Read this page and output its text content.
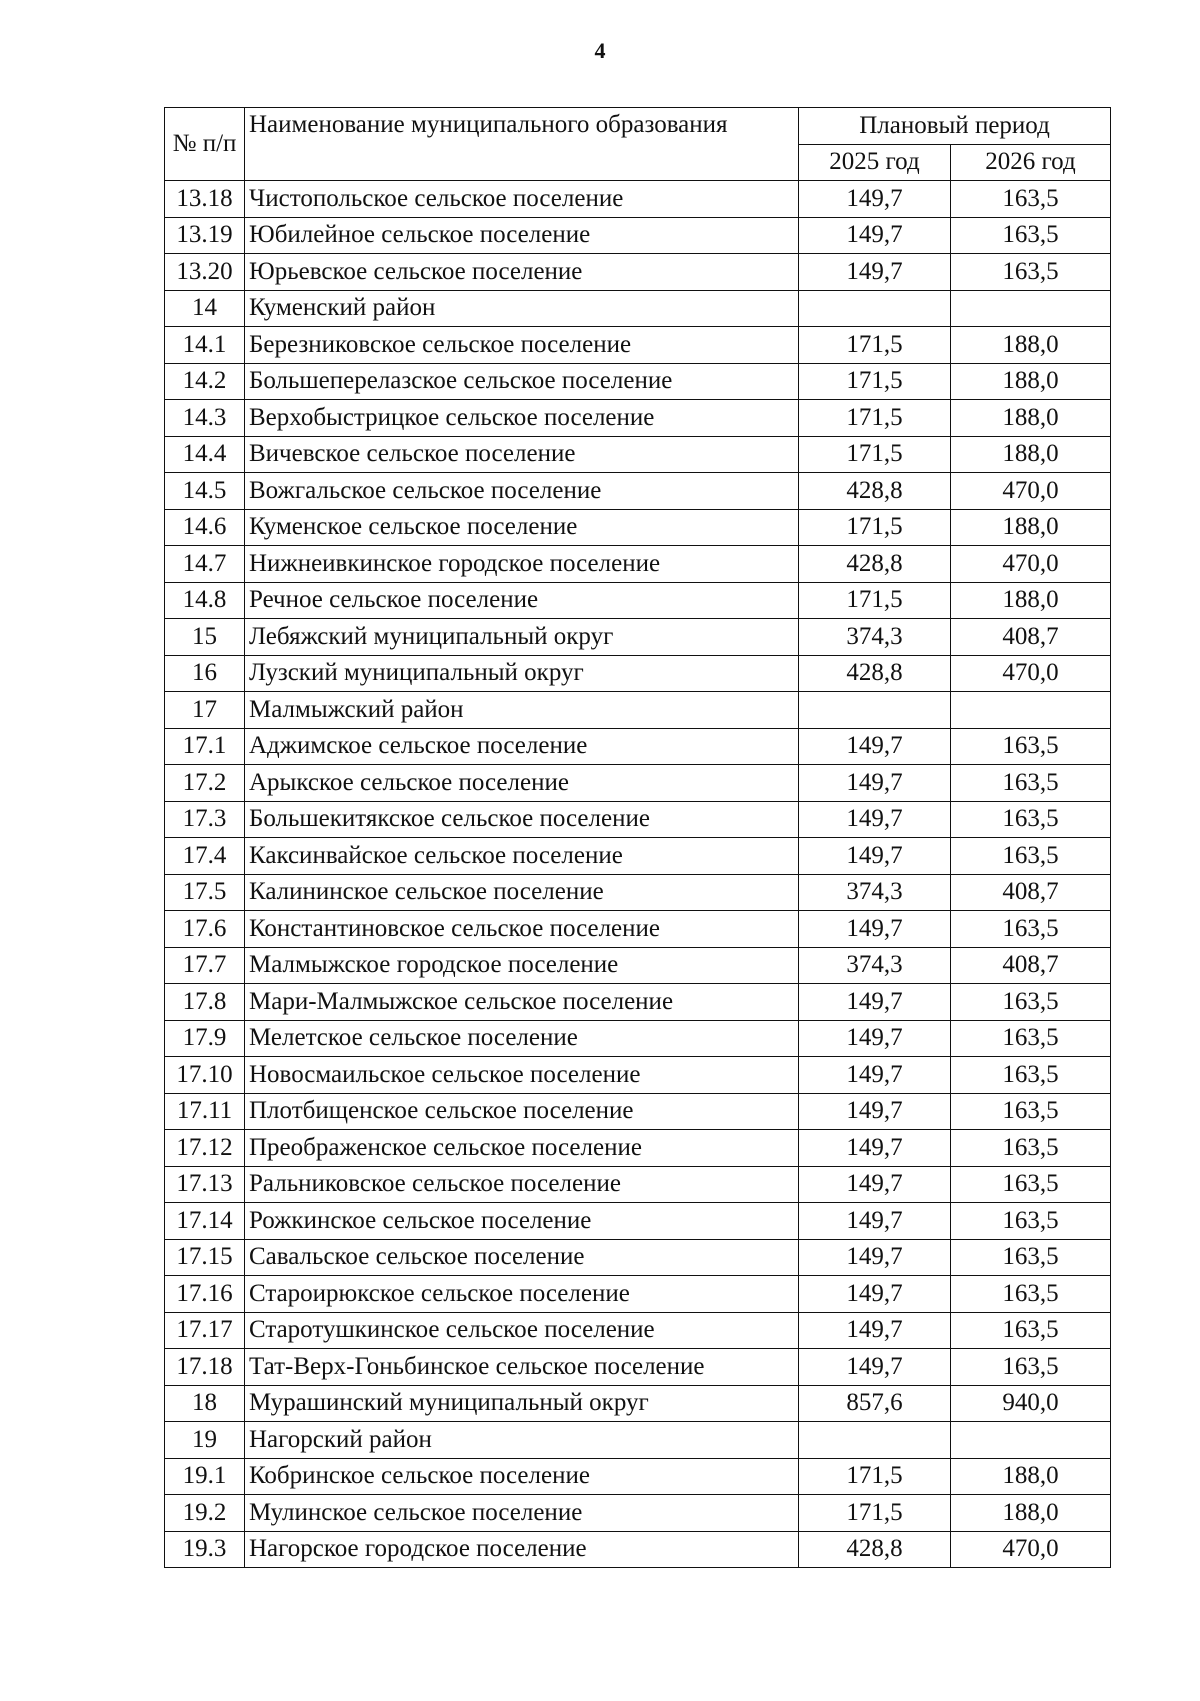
4
№ п/п	Наименование муниципального образования	Плановый период	
		2025 год	2026 год
13.18	Чистопольское сельское поселение	149,7	163,5
13.19	Юбилейное сельское поселение	149,7	163,5
13.20	Юрьевское сельское поселение	149,7	163,5
14	Куменский район		
14.1	Березниковское сельское поселение	171,5	188,0
14.2	Большеперелазское сельское поселение	171,5	188,0
14.3	Верхобыстрицкое сельское поселение	171,5	188,0
14.4	Вичевское сельское поселение	171,5	188,0
14.5	Вожгальское сельское поселение	428,8	470,0
14.6	Куменское сельское поселение	171,5	188,0
14.7	Нижнеивкинское городское поселение	428,8	470,0
14.8	Речное сельское поселение	171,5	188,0
15	Лебяжский муниципальный округ	374,3	408,7
16	Лузский муниципальный округ	428,8	470,0
17	Малмыжский район		
17.1	Аджимское сельское поселение	149,7	163,5
17.2	Арыкское сельское поселение	149,7	163,5
17.3	Большекитякское сельское поселение	149,7	163,5
17.4	Каксинвайское сельское поселение	149,7	163,5
17.5	Калининское сельское поселение	374,3	408,7
17.6	Константиновское сельское поселение	149,7	163,5
17.7	Малмыжское городское поселение	374,3	408,7
17.8	Мари-Малмыжское сельское поселение	149,7	163,5
17.9	Мелетское сельское поселение	149,7	163,5
17.10	Новосмаильское сельское поселение	149,7	163,5
17.11	Плотбищенское сельское поселение	149,7	163,5
17.12	Преображенское сельское поселение	149,7	163,5
17.13	Ральниковское сельское поселение	149,7	163,5
17.14	Рожкинское сельское поселение	149,7	163,5
17.15	Савальское сельское поселение	149,7	163,5
17.16	Староирюкское сельское поселение	149,7	163,5
17.17	Старотушкинское сельское поселение	149,7	163,5
17.18	Тат-Верх-Гоньбинское сельское поселение	149,7	163,5
18	Мурашинский муниципальный округ	857,6	940,0
19	Нагорский район		
19.1	Кобринское сельское поселение	171,5	188,0
19.2	Мулинское сельское поселение	171,5	188,0
19.3	Нагорское городское поселение	428,8	470,0
